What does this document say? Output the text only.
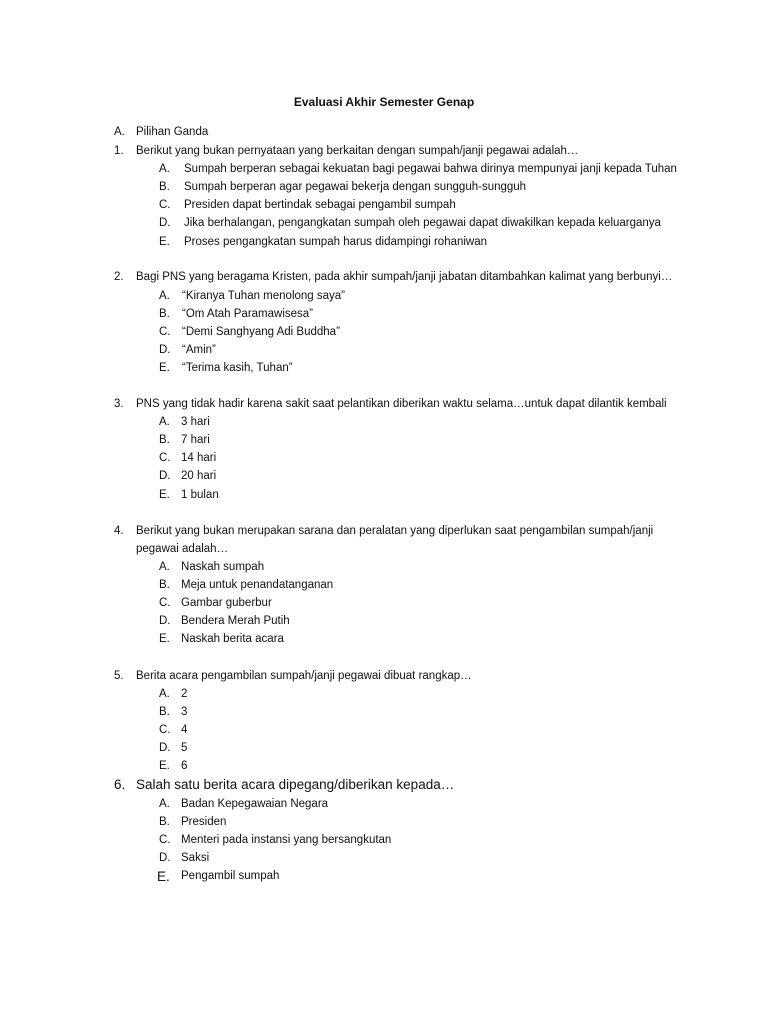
Evaluasi Akhir Semester Genap
A. Pilihan Ganda
1. Berikut yang bukan pernyataan yang berkaitan dengan sumpah/janji pegawai adalah…
A. Sumpah berperan sebagai kekuatan bagi pegawai bahwa dirinya mempunyai janji kepada Tuhan
B. Sumpah berperan agar pegawai bekerja dengan sungguh-sungguh
C. Presiden dapat bertindak sebagai pengambil sumpah
D. Jika berhalangan, pengangkatan sumpah oleh pegawai dapat diwakilkan kepada keluarganya
E. Proses pengangkatan sumpah harus didampingi rohaniwan
2. Bagi PNS yang beragama Kristen, pada akhir sumpah/janji jabatan ditambahkan kalimat yang berbunyi…
A. “Kiranya Tuhan menolong saya”
B. “Om Atah Paramawisesa”
C. “Demi Sanghyang Adi Buddha”
D. “Amin”
E. “Terima kasih, Tuhan”
3. PNS yang tidak hadir karena sakit saat pelantikan diberikan waktu selama…untuk dapat dilantik kembali
A. 3 hari
B. 7 hari
C. 14 hari
D. 20 hari
E. 1 bulan
4. Berikut yang bukan merupakan sarana dan peralatan yang diperlukan saat pengambilan sumpah/janji
pegawai adalah…
A. Naskah sumpah
B. Meja untuk penandatanganan
C. Gambar guberbur
D. Bendera Merah Putih
E. Naskah berita acara
5. Berita acara pengambilan sumpah/janji pegawai dibuat rangkap…
A. 2
B. 3
C. 4
D. 5
E. 6
6. Salah satu berita acara dipegang/diberikan kepada…
A. Badan Kepegawaian Negara
B. Presiden
C. Menteri pada instansi yang bersangkutan
D. Saksi
E. Pengambil sumpah
